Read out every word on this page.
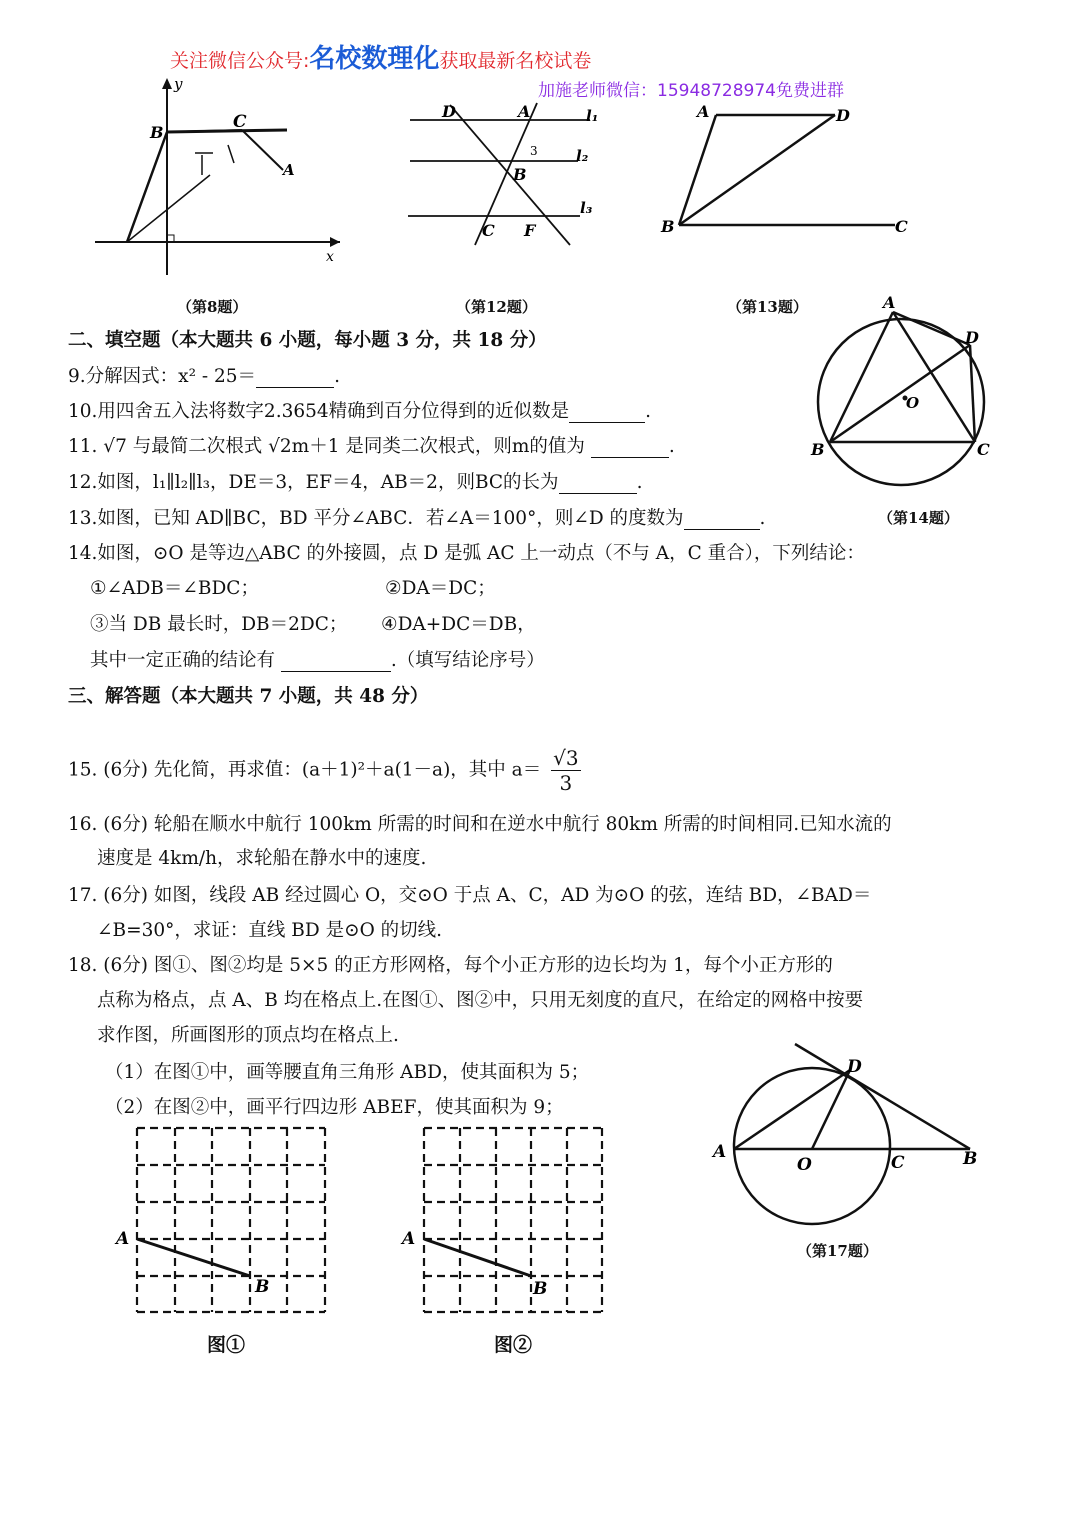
关注微信公众号:名校数理化获取最新名校试卷
加施老师微信：15948728974免费进群
y
B
C
A
x
（第8题）
D	A	l₁
3	l₂
B
l₃
C F
（第12题）
A	D
B	C
（第13题）	A
D
O
B	C
（第14题）
二、填空题（本大题共 6 小题，每小题 3 分，共 18 分）
9.分解因式：x² - 25＝	.
10.用四舍五入法将数字2.3654精确到百分位得到的近似数是	.
11. √7 与最简二次根式 √2m＋1 是同类二次根式，则m的值为	.
12.如图，l₁∥l₂∥l₃，DE＝3，EF＝4，AB＝2，则BC的长为	.
13.如图，已知 AD∥BC，BD 平分∠ABC．若∠A＝100°，则∠D 的度数为	.
14.如图，⊙O 是等边△ABC 的外接圆，点 D 是弧 AC 上一动点（不与 A，C 重合），下列结论：
①∠ADB＝∠BDC；	②DA＝DC；
③当 DB 最长时，DB＝2DC； ④DA+DC＝DB，
其中一定正确的结论有	.（填写结论序号）
三、解答题（本大题共 7 小题，共 48 分）
15. (6分) 先化简，再求值：(a＋1)²＋a(1－a)，其中 $a= \frac{√3}{3}$
16. (6分) 轮船在顺水中航行 100km 所需的时间和在逆水中航行 80km 所需的时间相同.已知水流的
速度是 4km/h，求轮船在静水中的速度.
17. (6分) 如图，线段 AB 经过圆心 O，交⊙O 于点 A、C，AD 为⊙O 的弦，连结 BD，∠BAD＝
∠B=30°，求证：直线 BD 是⊙O 的切线.
18. (6分) 图①、图②均是 5×5 的正方形网格，每个小正方形的边长均为 1，每个小正方形的
点称为格点，点 A、B 均在格点上.在图①、图②中，只用无刻度的直尺，在给定的网格中按要
求作图，所画图形的顶点均在格点上.
（1）在图①中，画等腰直角三角形 ABD，使其面积为 5；
（2）在图②中，画平行四边形 ABEF，使其面积为 9；
A
B
图①
A
B
图②
D
A
O	C	B
（第17题）
